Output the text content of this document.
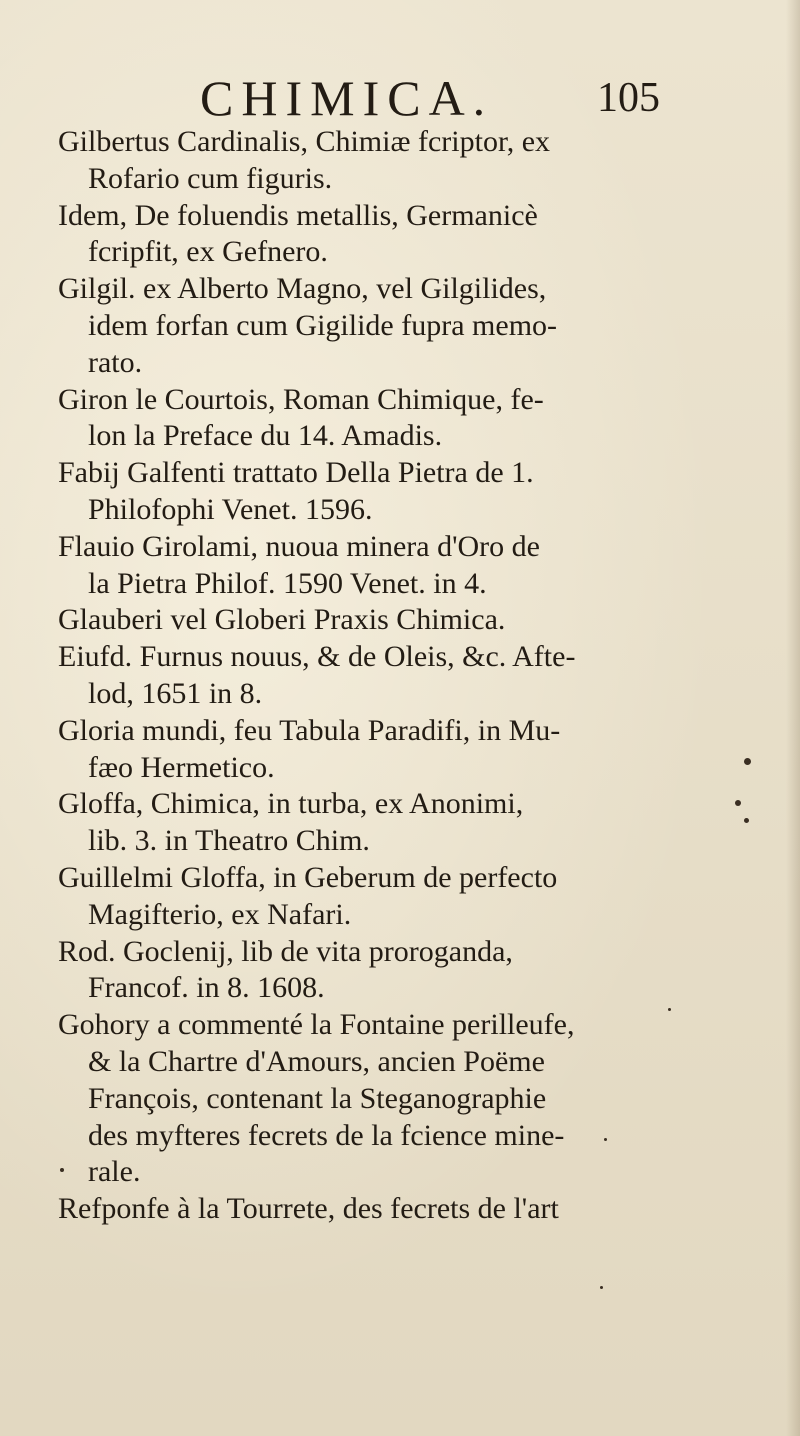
CHIMICA. 105
Gilbertus Cardinalis, Chimiæ fcriptor, ex
Rofario cum figuris.
Idem, De foluendis metallis, Germanicè
fcripfit, ex Gefnero.
Gilgil. ex Alberto Magno, vel Gilgilides,
idem forfan cum Gigilide fupra memo-
rato.
Giron le Courtois, Roman Chimique, fe-
lon la Preface du 14. Amadis.
Fabij Galfenti trattato Della Pietra de 1.
Philofophi Venet. 1596.
Flauio Girolami, nuoua minera d'Oro de
la Pietra Philof. 1590 Venet. in 4.
Glauberi vel Globeri Praxis Chimica.
Eiufd. Furnus nouus, & de Oleis, &c. Afte-
lod, 1651 in 8.
Gloria mundi, feu Tabula Paradifi, in Mu-
fæo Hermetico.
Gloffa, Chimica, in turba, ex Anonimi,
lib. 3. in Theatro Chim.
Guillelmi Gloffa, in Geberum de perfecto
Magifterio, ex Nafari.
Rod. Goclenij, lib de vita proroganda,
Francof. in 8. 1608.
Gohory a commenté la Fontaine perilleufe,
& la Chartre d'Amours, ancien Poëme
François, contenant la Steganographie
des myfteres fecrets de la fcience mine-
rale.
Refponfe à la Tourrete, des fecrets de l'art
